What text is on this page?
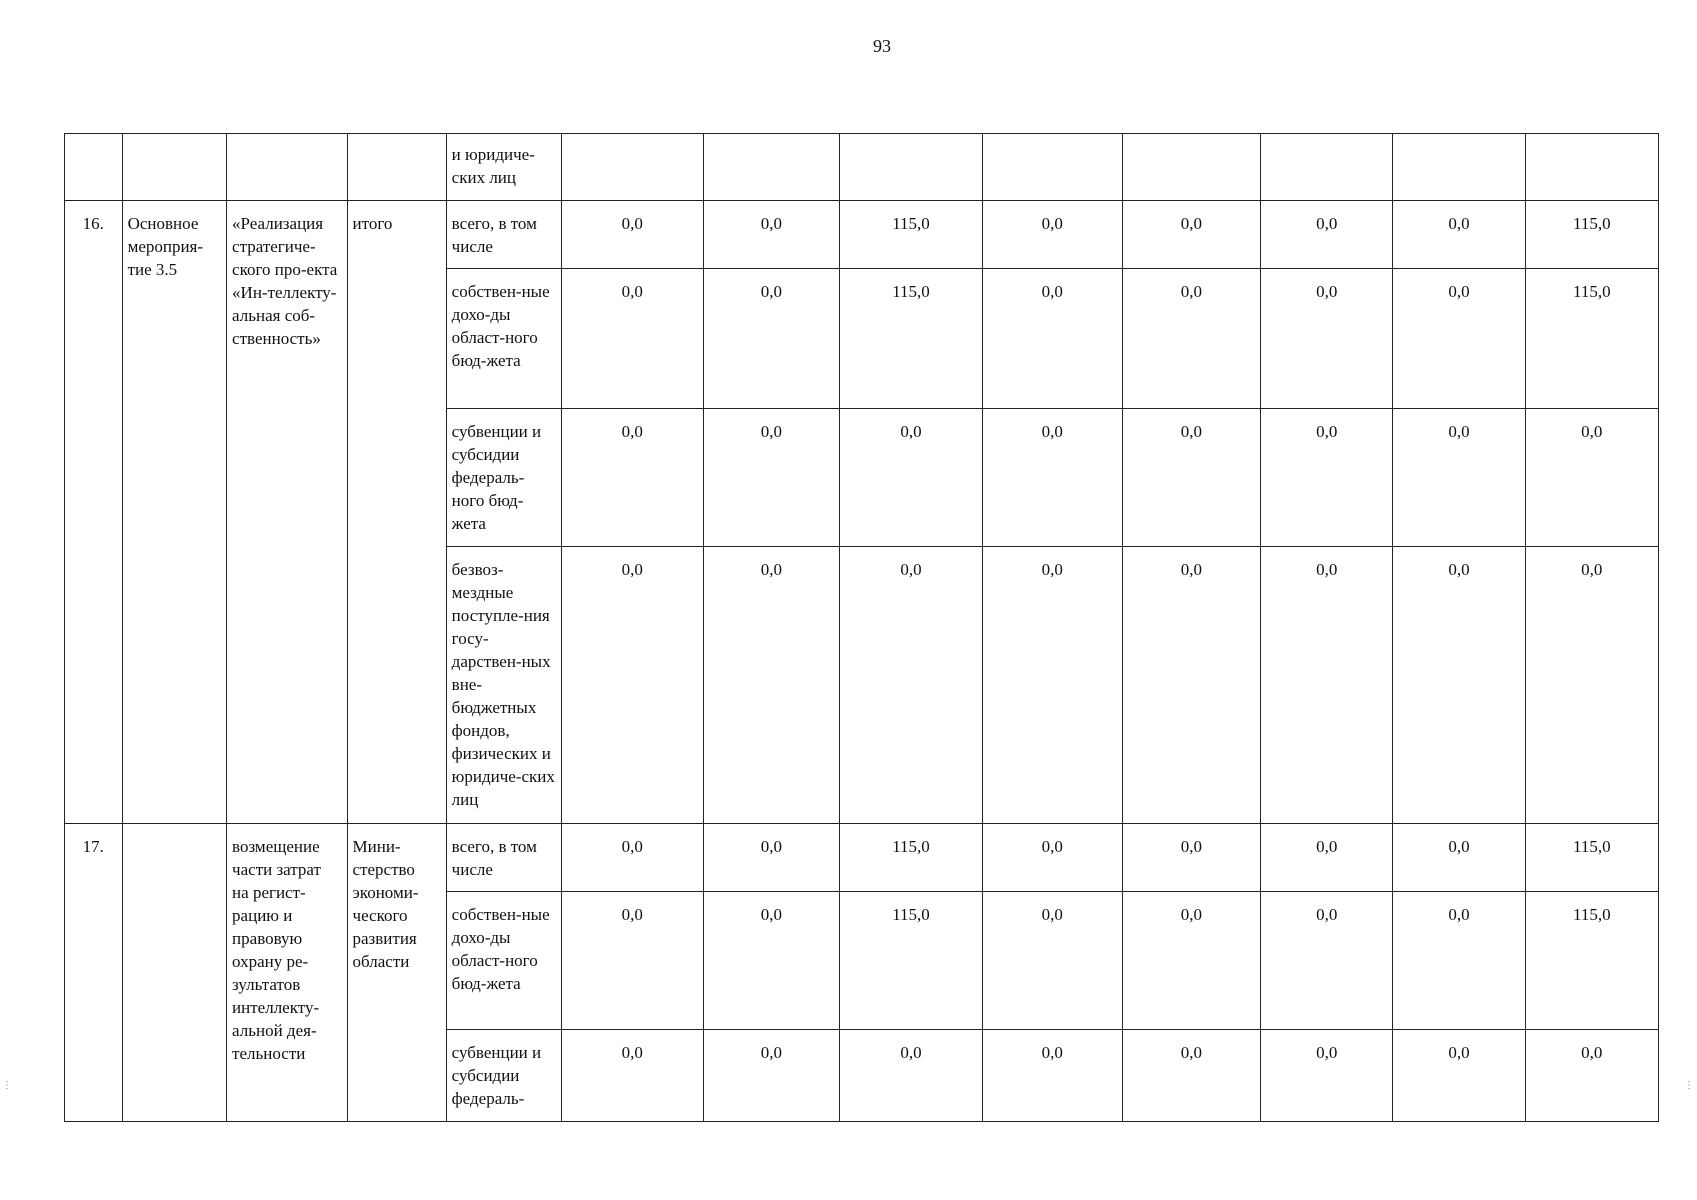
93
				и юридиче-ских лиц								
16.	Основное мероприя-тие 3.5	«Реализация стратегиче-ского про-екта «Ин-теллекту-альная соб-ственность»	итого	всего, в том числе	0,0	0,0	115,0	0,0	0,0	0,0	0,0	115,0
				собствен-ные дохо-ды област-ного бюд-жета	0,0	0,0	115,0	0,0	0,0	0,0	0,0	115,0
				субвенции и субсидии федераль-ного бюд-жета	0,0	0,0	0,0	0,0	0,0	0,0	0,0	0,0
				безвоз-мездные поступле-ния госу-дарствен-ных вне-бюджетных фондов, физических и юридиче-ских лиц	0,0	0,0	0,0	0,0	0,0	0,0	0,0	0,0
17.		возмещение части затрат на регист-рацию и правовую охрану ре-зультатов интеллекту-альной дея-тельности	Мини-стерство экономи-ческого развития области	всего, в том числе	0,0	0,0	115,0	0,0	0,0	0,0	0,0	115,0
				собствен-ные дохо-ды област-ного бюд-жета	0,0	0,0	115,0	0,0	0,0	0,0	0,0	115,0
				субвенции и субсидии федераль-	0,0	0,0	0,0	0,0	0,0	0,0	0,0	0,0
⋮	⋮
